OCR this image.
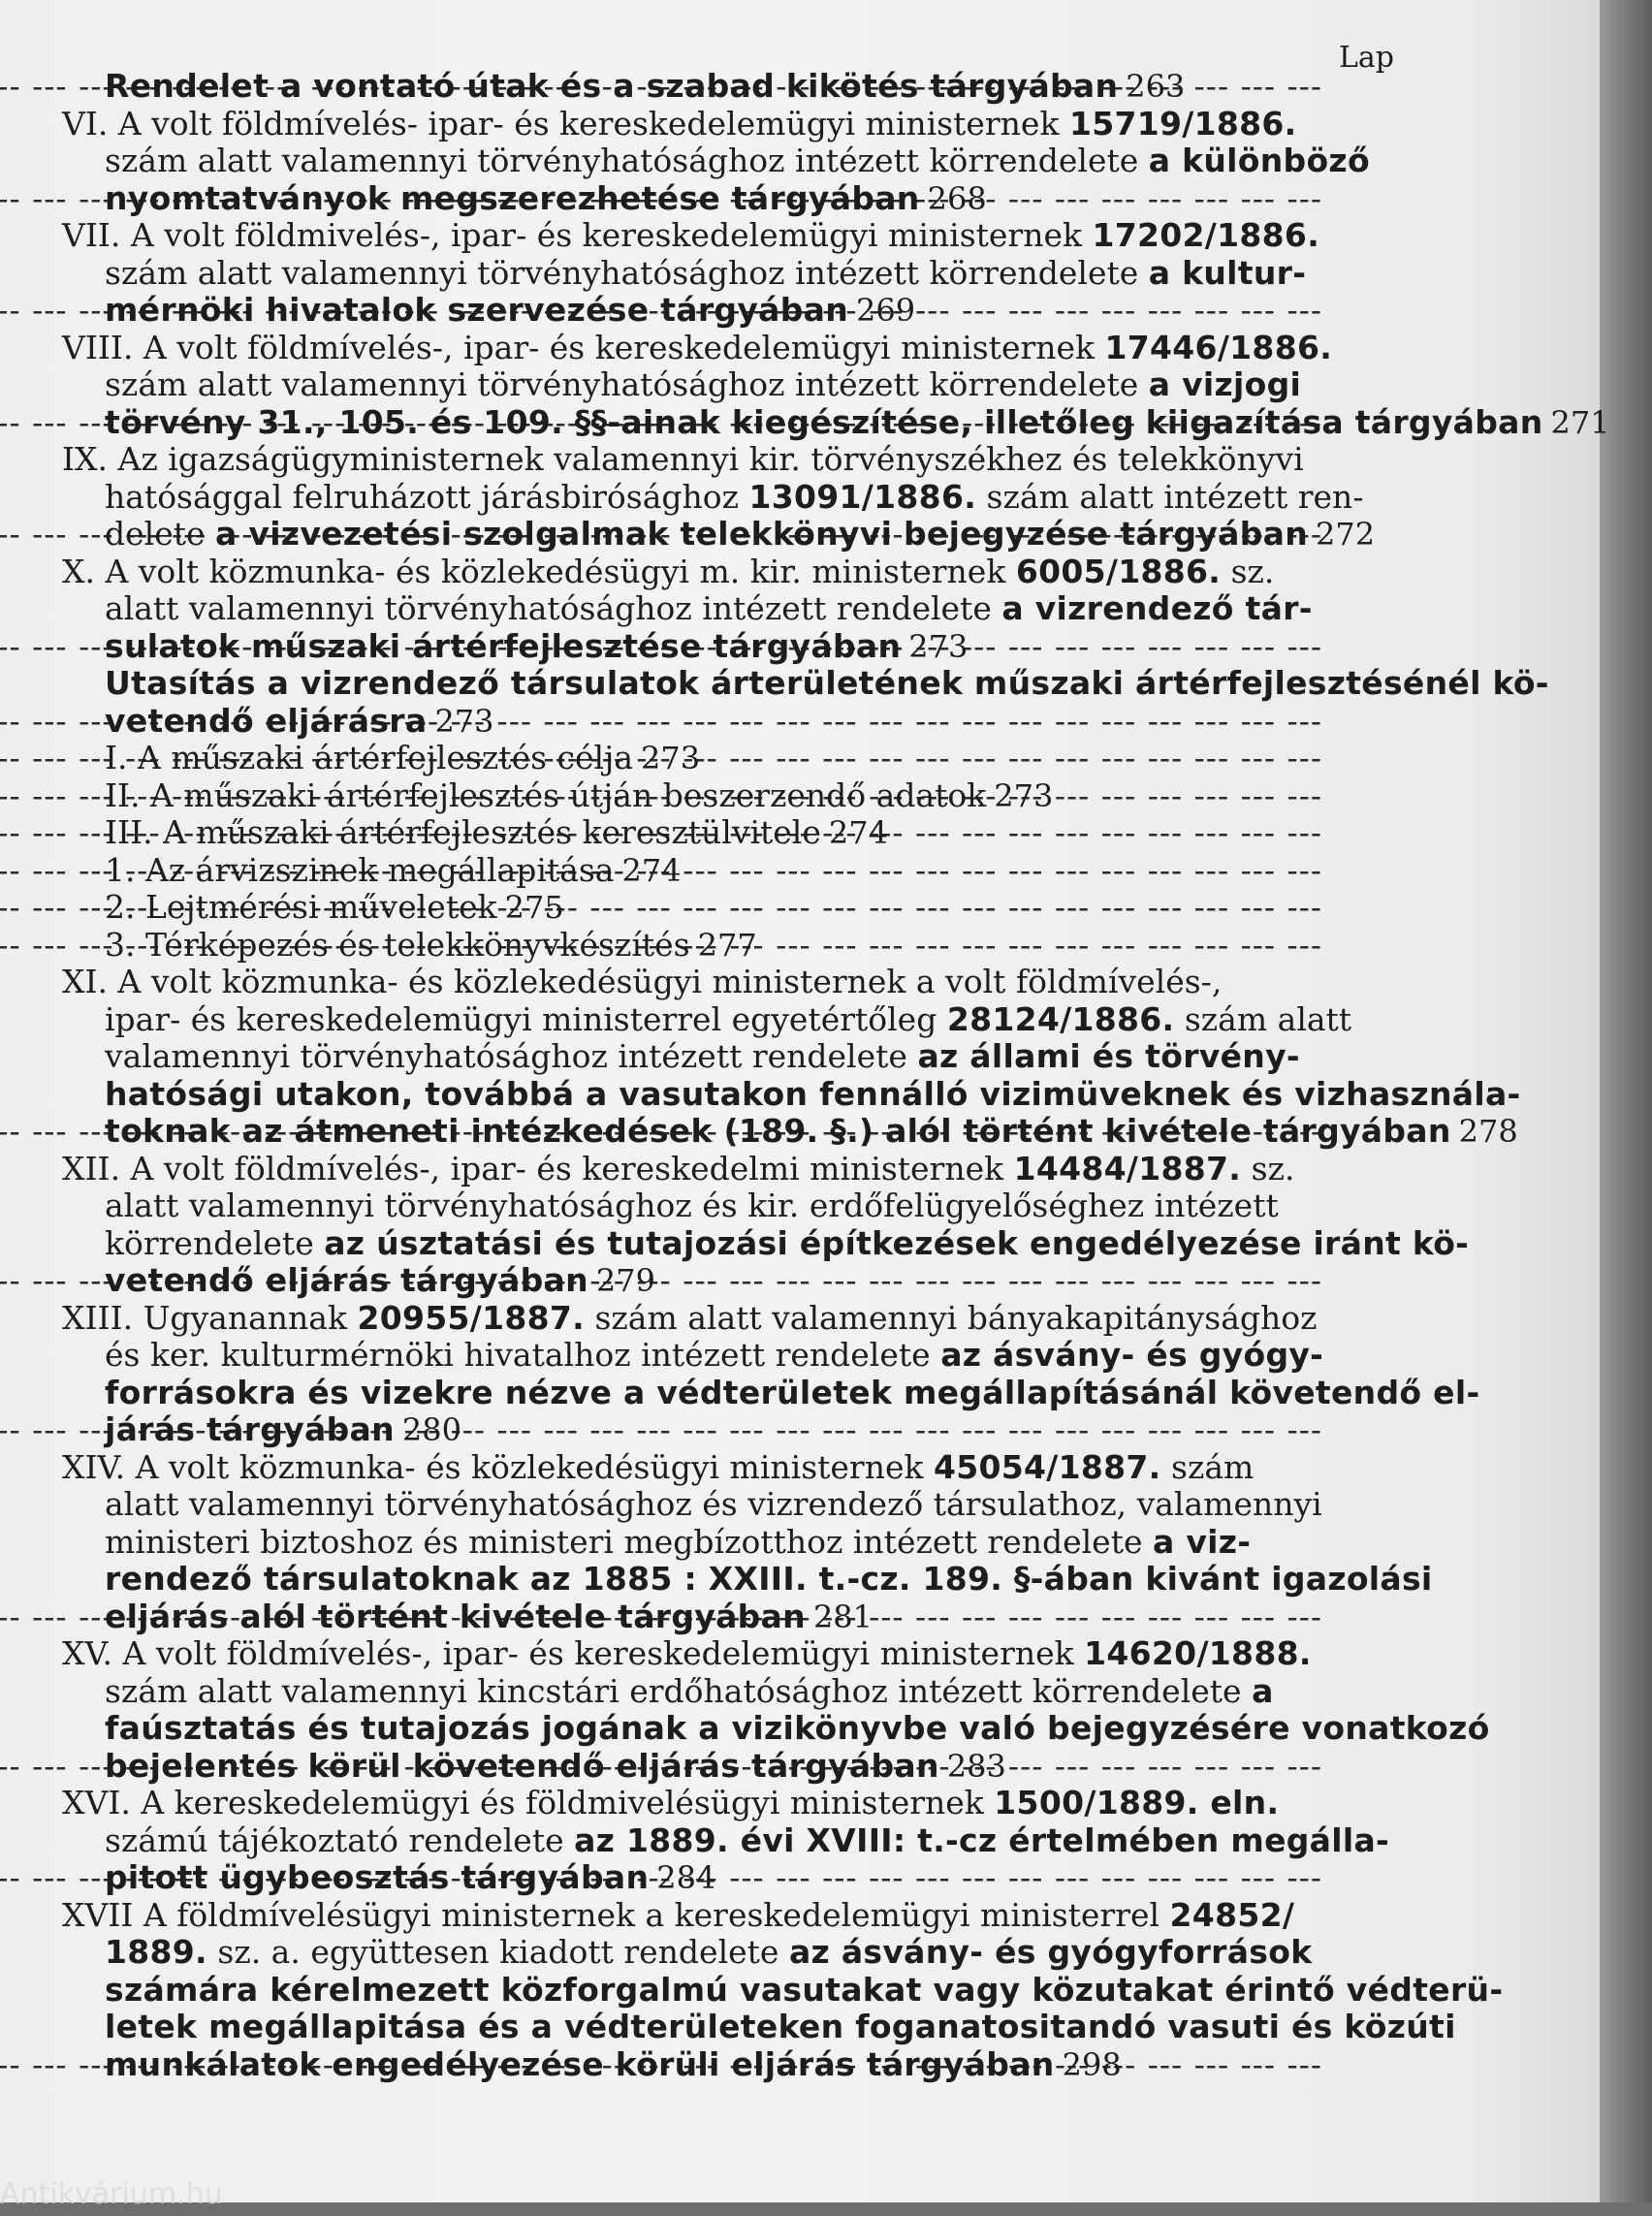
Lap
Rendelet a vontató útak és a szabad kikötés tárgyában 263 --- -
VI. A volt földmívelés- ipar- és kereskedelemügyi ministernek 15719/1886.
szám alatt valamennyi törvényhatósághoz intézett körrendelete a különböző
nyomtatványok megszerezhetése tárgyában 268 --- -
VII. A volt földmivelés-, ipar- és kereskedelemügyi ministernek 17202/1886.
szám alatt valamennyi törvényhatósághoz intézett körrendelete a kultur-
mérnöki hivatalok szervezése tárgyában 269 --- -
VIII. A volt földmívelés-, ipar- és kereskedelemügyi ministernek 17446/1886.
szám alatt valamennyi törvényhatósághoz intézett körrendelete a vizjogi
törvény 31., 105. és 109. §§-ainak kiegészítése, illetőleg kiigazítása tárgyában 271 --- -
IX. Az igazságügyministernek valamennyi kir. törvényszékhez és telekkönyvi
hatósággal felruházott járásbirósághoz 13091/1886. szám alatt intézett ren-
delete a vizvezetési szolgalmak telekkönyvi bejegyzése tárgyában 272 --- -
X. A volt közmunka- és közlekedésügyi m. kir. ministernek 6005/1886. sz.
alatt valamennyi törvényhatósághoz intézett rendelete a vizrendező tár-
sulatok műszaki ártérfejlesztése tárgyában 273 --- -
Utasítás a vizrendező társulatok árterületének műszaki ártérfejlesztésénél kö-
vetendő eljárásra 273 --- -
I. A műszaki ártérfejlesztés célja 273 --- -
II. A műszaki ártérfejlesztés útján beszerzendő adatok 273 --- -
III. A műszaki ártérfejlesztés keresztülvitele 274 --- -
1. Az árvizszinek megállapitása 274 --- -
2. Lejtmérési műveletek 275 --- -
3. Térképezés és telekkönyvkészítés 277 --- -
XI. A volt közmunka- és közlekedésügyi ministernek a volt földmívelés-,
ipar- és kereskedelemügyi ministerrel egyetértőleg 28124/1886. szám alatt
valamennyi törvényhatósághoz intézett rendelete az állami és törvény-
hatósági utakon, továbbá a vasutakon fennálló vizimüveknek és vizhasználа-
toknak az átmeneti intézkedések (189. §.) alól történt kivétele tárgyában 278 --- -
XII. A volt földmívelés-, ipar- és kereskedelmi ministernek 14484/1887. sz.
alatt valamennyi törvényhatósághoz és kir. erdőfelügyelőséghez intézett
körrendelete az úsztatási és tutajozási építkezések engedélyezése iránt kö-
vetendő eljárás tárgyában 279 --- -
XIII. Ugyanannak 20955/1887. szám alatt valamennyi bányakapitánysághoz
és ker. kulturmérnöki hivatalhoz intézett rendelete az ásvány- és gyógy-
forrásokra és vizekre nézve a védterületek megállapításánál követendő el-
járás tárgyában 280 --- -
XIV. A volt közmunka- és közlekedésügyi ministernek 45054/1887. szám
alatt valamennyi törvényhatósághoz és vizrendező társulathoz, valamennyi
ministeri biztoshoz és ministeri megbízotthoz intézett rendelete a viz-
rendező társulatoknak az 1885 : XXIII. t.-cz. 189. §-ában kivánt igazolási
eljárás alól történt kivétele tárgyában 281 --- -
XV. A volt földmívelés-, ipar- és kereskedelemügyi ministernek 14620/1888.
szám alatt valamennyi kincstári erdőhatósághoz intézett körrendelete a
faúsztatás és tutajozás jogának a vizikönyvbe való bejegyzésére vonatkozó
bejelentés körül követendő eljárás tárgyában 283 --- -
XVI. A kereskedelemügyi és földmivelésügyi ministernek 1500/1889. eln.
számú tájékoztató rendelete az 1889. évi XVIII: t.-cz értelmében megálla-
pitott ügybeosztás tárgyában 284 --- -
XVII A földmívelésügyi ministernek a kereskedelemügyi ministerrel 24852/
1889. sz. a. együttesen kiadott rendelete az ásvány- és gyógyforrások
számára kérelmezett közforgalmú vasutakat vagy közutakat érintő védterü-
letek megállapitása és a védterületeken foganatositandó vasuti és közúti
munkálatok engedélyezése körüli eljárás tárgyában 298 --- -
Antikvárium.hu
